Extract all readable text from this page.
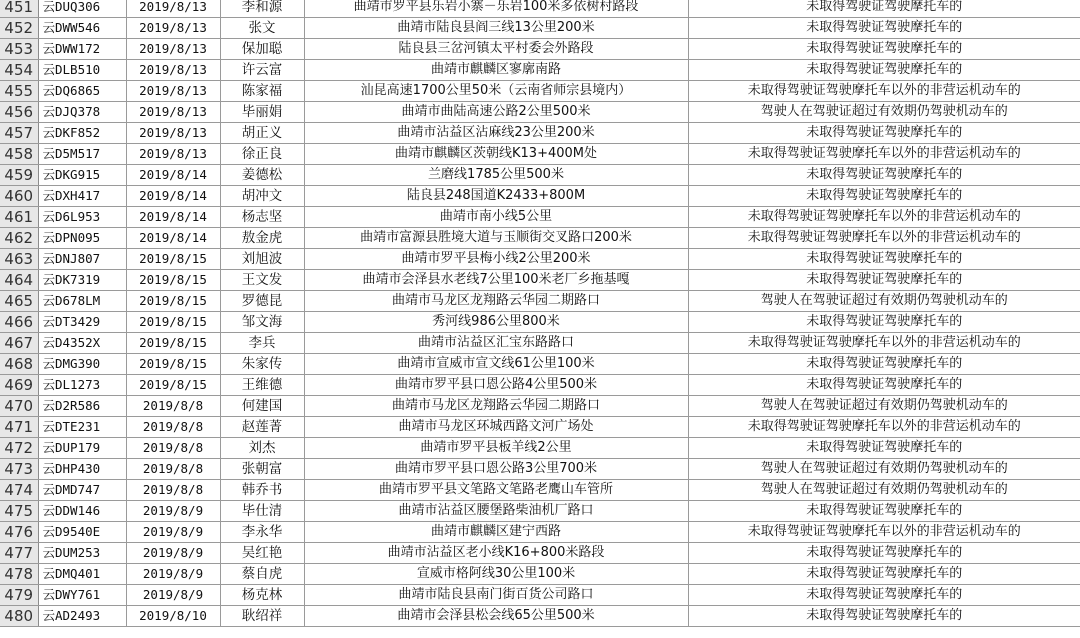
451	云DUQ306	2019/8/13	李和源	曲靖市罗平县乐岩小寨－乐岩100米多依树村路段	未取得驾驶证驾驶摩托车的
452	云DWW546	2019/8/13	张文	曲靖市陆良县阎三线13公里200米	未取得驾驶证驾驶摩托车的
453	云DWW172	2019/8/13	保加聪	陆良县三岔河镇太平村委会外路段	未取得驾驶证驾驶摩托车的
454	云DLB510	2019/8/13	许云富	曲靖市麒麟区寥廓南路	未取得驾驶证驾驶摩托车的
455	云DQ6865	2019/8/13	陈家福	汕昆高速1700公里50米（云南省师宗县境内）	未取得驾驶证驾驶摩托车以外的非营运机动车的
456	云DJQ378	2019/8/13	毕丽娟	曲靖市曲陆高速公路2公里500米	驾驶人在驾驶证超过有效期仍驾驶机动车的
457	云DKF852	2019/8/13	胡正义	曲靖市沾益区沾麻线23公里200米	未取得驾驶证驾驶摩托车的
458	云D5M517	2019/8/13	徐正良	曲靖市麒麟区茨朝线K13+400M处	未取得驾驶证驾驶摩托车以外的非营运机动车的
459	云DKG915	2019/8/14	姜德松	兰磨线1785公里500米	未取得驾驶证驾驶摩托车的
460	云DXH417	2019/8/14	胡冲文	陆良县248国道K2433+800M	未取得驾驶证驾驶摩托车的
461	云D6L953	2019/8/14	杨志坚	曲靖市南小线5公里	未取得驾驶证驾驶摩托车以外的非营运机动车的
462	云DPN095	2019/8/14	敖金虎	曲靖市富源县胜境大道与玉顺街交叉路口200米	未取得驾驶证驾驶摩托车以外的非营运机动车的
463	云DNJ807	2019/8/15	刘旭波	曲靖市罗平县梅小线2公里200米	未取得驾驶证驾驶摩托车的
464	云DK7319	2019/8/15	王文发	曲靖市会泽县水老线7公里100米老厂乡拖基嘎	未取得驾驶证驾驶摩托车的
465	云D678LM	2019/8/15	罗德昆	曲靖市马龙区龙翔路云华园二期路口	驾驶人在驾驶证超过有效期仍驾驶机动车的
466	云DT3429	2019/8/15	邹文海	秀河线986公里800米	未取得驾驶证驾驶摩托车的
467	云D4352X	2019/8/15	李兵	曲靖市沾益区汇宝东路路口	未取得驾驶证驾驶摩托车以外的非营运机动车的
468	云DMG390	2019/8/15	朱家传	曲靖市宣威市宣文线61公里100米	未取得驾驶证驾驶摩托车的
469	云DL1273	2019/8/15	王维德	曲靖市罗平县口恩公路4公里500米	未取得驾驶证驾驶摩托车的
470	云D2R586	2019/8/8	何建国	曲靖市马龙区龙翔路云华园二期路口	驾驶人在驾驶证超过有效期仍驾驶机动车的
471	云DTE231	2019/8/8	赵莲菁	曲靖市马龙区环城西路文河广场处	未取得驾驶证驾驶摩托车以外的非营运机动车的
472	云DUP179	2019/8/8	刘杰	曲靖市罗平县板羊线2公里	未取得驾驶证驾驶摩托车的
473	云DHP430	2019/8/8	张朝富	曲靖市罗平县口恩公路3公里700米	驾驶人在驾驶证超过有效期仍驾驶机动车的
474	云DMD747	2019/8/8	韩乔书	曲靖市罗平县文笔路文笔路老鹰山车管所	驾驶人在驾驶证超过有效期仍驾驶机动车的
475	云DDW146	2019/8/9	毕仕清	曲靖市沾益区腰堡路柴油机厂路口	未取得驾驶证驾驶摩托车的
476	云D9540E	2019/8/9	李永华	曲靖市麒麟区建宁西路	未取得驾驶证驾驶摩托车以外的非营运机动车的
477	云DUM253	2019/8/9	吴红艳	曲靖市沾益区老小线K16+800米路段	未取得驾驶证驾驶摩托车的
478	云DMQ401	2019/8/9	蔡自虎	宣威市格阿线30公里100米	未取得驾驶证驾驶摩托车的
479	云DWY761	2019/8/9	杨克林	曲靖市陆良县南门街百货公司路口	未取得驾驶证驾驶摩托车的
480	云AD2493	2019/8/10	耿绍祥	曲靖市会泽县松会线65公里500米	未取得驾驶证驾驶摩托车的
